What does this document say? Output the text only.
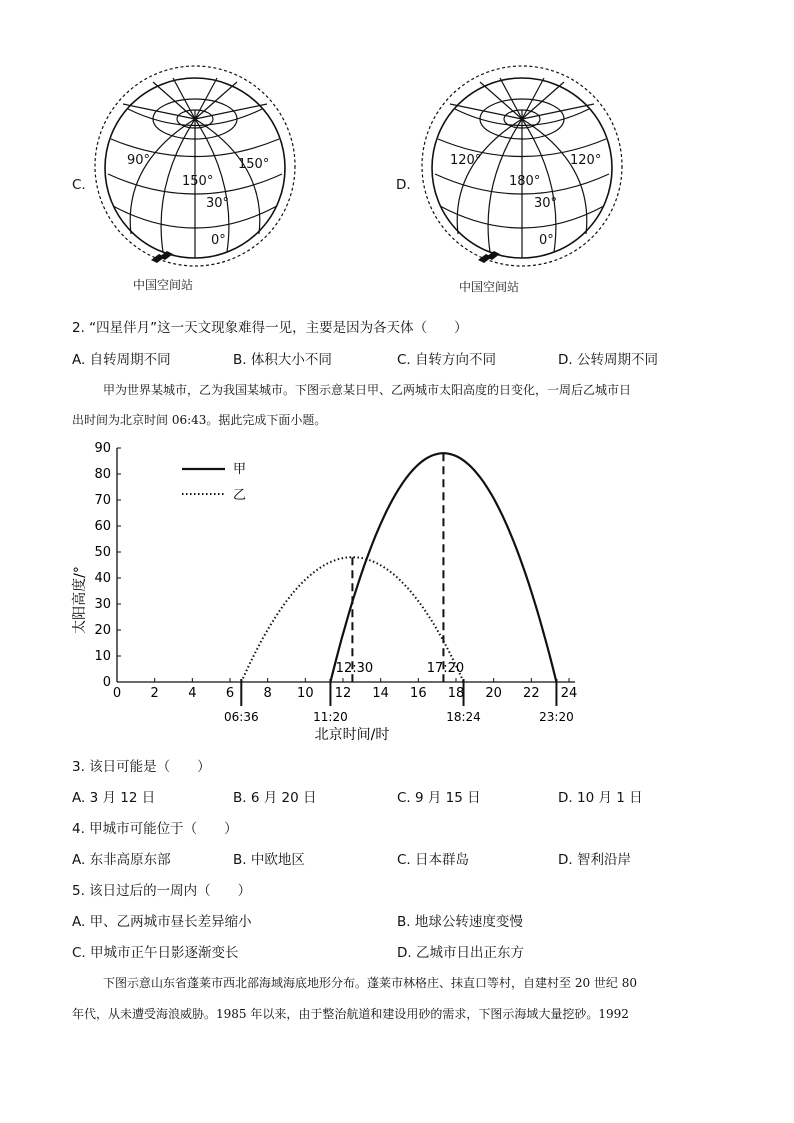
C.
90°
150°
150°
30°
0°
中国空间站
D.
120°
180°
120°
30°
0°
中国空间站
2. “四星伴月”这一天文现象难得一见，主要是因为各天体（　　）
A. 自转周期不同	B. 体积大小不同	C. 自转方向不同	D. 公转周期不同
甲为世界某城市，乙为我国某城市。下图示意某日甲、乙两城市太阳高度的日变化，一周后乙城市日
出时间为北京时间 06:43。据此完成下面小题。
0
10
20
30
40
50
60
70
80
90
0 2 4 6 8 10 12 14 16 18 20 22 24
12:30	17:20
06:36	11:20	18:24	23:20
甲
乙
太阳高度/°
北京时间/时
3. 该日可能是（　　）
A. 3 月 12 日	B. 6 月 20 日	C. 9 月 15 日	D. 10 月 1 日
4. 甲城市可能位于（　　）
A. 东非高原东部	B. 中欧地区	C. 日本群岛	D. 智利沿岸
5. 该日过后的一周内（　　）
A. 甲、乙两城市昼长差异缩小	B. 地球公转速度变慢
C. 甲城市正午日影逐渐变长	D. 乙城市日出正东方
下图示意山东省蓬莱市西北部海域海底地形分布。蓬莱市林格庄、抹直口等村，自建村至 20 世纪 80
年代，从未遭受海浪威胁。1985 年以来，由于整治航道和建设用砂的需求，下图示海域大量挖砂。1992
